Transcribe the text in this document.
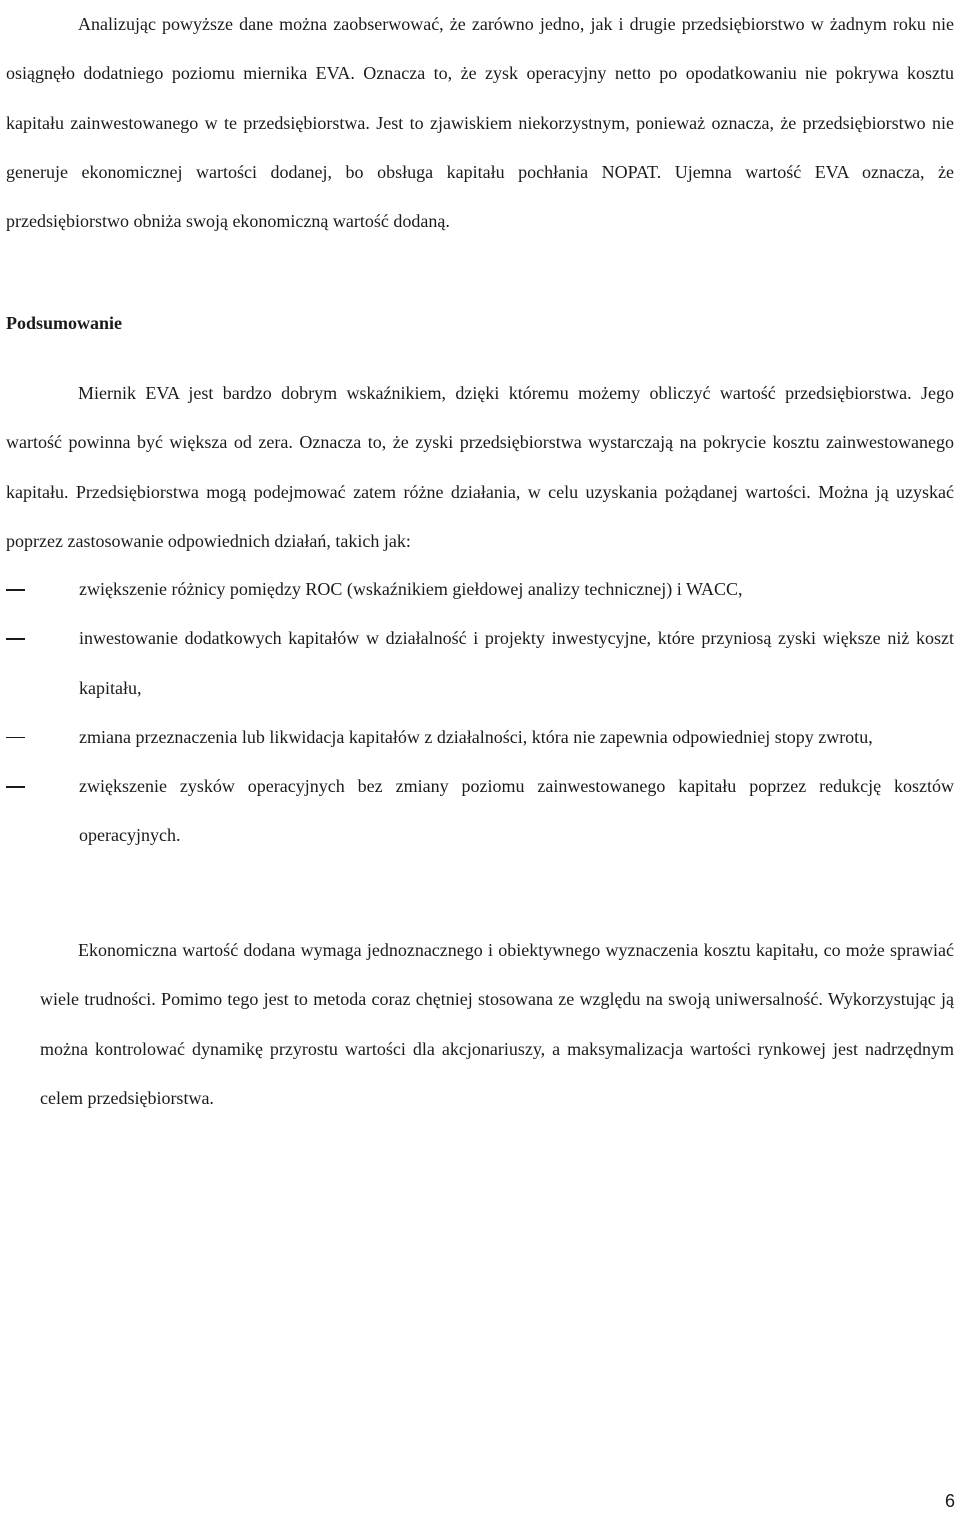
Analizując powyższe dane można zaobserwować, że zarówno jedno, jak i drugie przedsiębiorstwo w żadnym roku nie osiągnęło dodatniego poziomu miernika EVA. Oznacza to, że zysk operacyjny netto po opodatkowaniu nie pokrywa kosztu kapitału zainwestowanego w te przedsiębiorstwa. Jest to zjawiskiem niekorzystnym, ponieważ oznacza, że przedsiębiorstwo nie generuje ekonomicznej wartości dodanej, bo obsługa kapitału pochłania NOPAT. Ujemna wartość EVA oznacza, że przedsiębiorstwo obniża swoją ekonomiczną wartość dodaną.

Podsumowanie

Miernik EVA jest bardzo dobrym wskaźnikiem, dzięki któremu możemy obliczyć wartość przedsiębiorstwa. Jego wartość powinna być większa od zera. Oznacza to, że zyski przedsiębiorstwa wystarczają na pokrycie kosztu zainwestowanego kapitału. Przedsiębiorstwa mogą podejmować zatem różne działania, w celu uzyskania pożądanej wartości. Można ją uzyskać poprzez zastosowanie odpowiednich działań, takich jak:

zwiększenie różnicy pomiędzy ROC (wskaźnikiem giełdowej analizy technicznej) i WACC,
inwestowanie dodatkowych kapitałów w działalność i projekty inwestycyjne, które przyniosą zyski większe niż koszt kapitału,
zmiana przeznaczenia lub likwidacja kapitałów z działalności, która nie zapewnia odpowiedniej stopy zwrotu,
zwiększenie zysków operacyjnych bez zmiany poziomu zainwestowanego kapitału poprzez redukcję kosztów operacyjnych.

Ekonomiczna wartość dodana wymaga jednoznacznego i obiektywnego wyznaczenia kosztu kapitału, co może sprawiać wiele trudności. Pomimo tego jest to metoda coraz chętniej stosowana ze względu na swoją uniwersalność. Wykorzystując ją można kontrolować dynamikę przyrostu wartości dla akcjonariuszy, a maksymalizacja wartości rynkowej jest nadrzędnym celem przedsiębiorstwa.

6
